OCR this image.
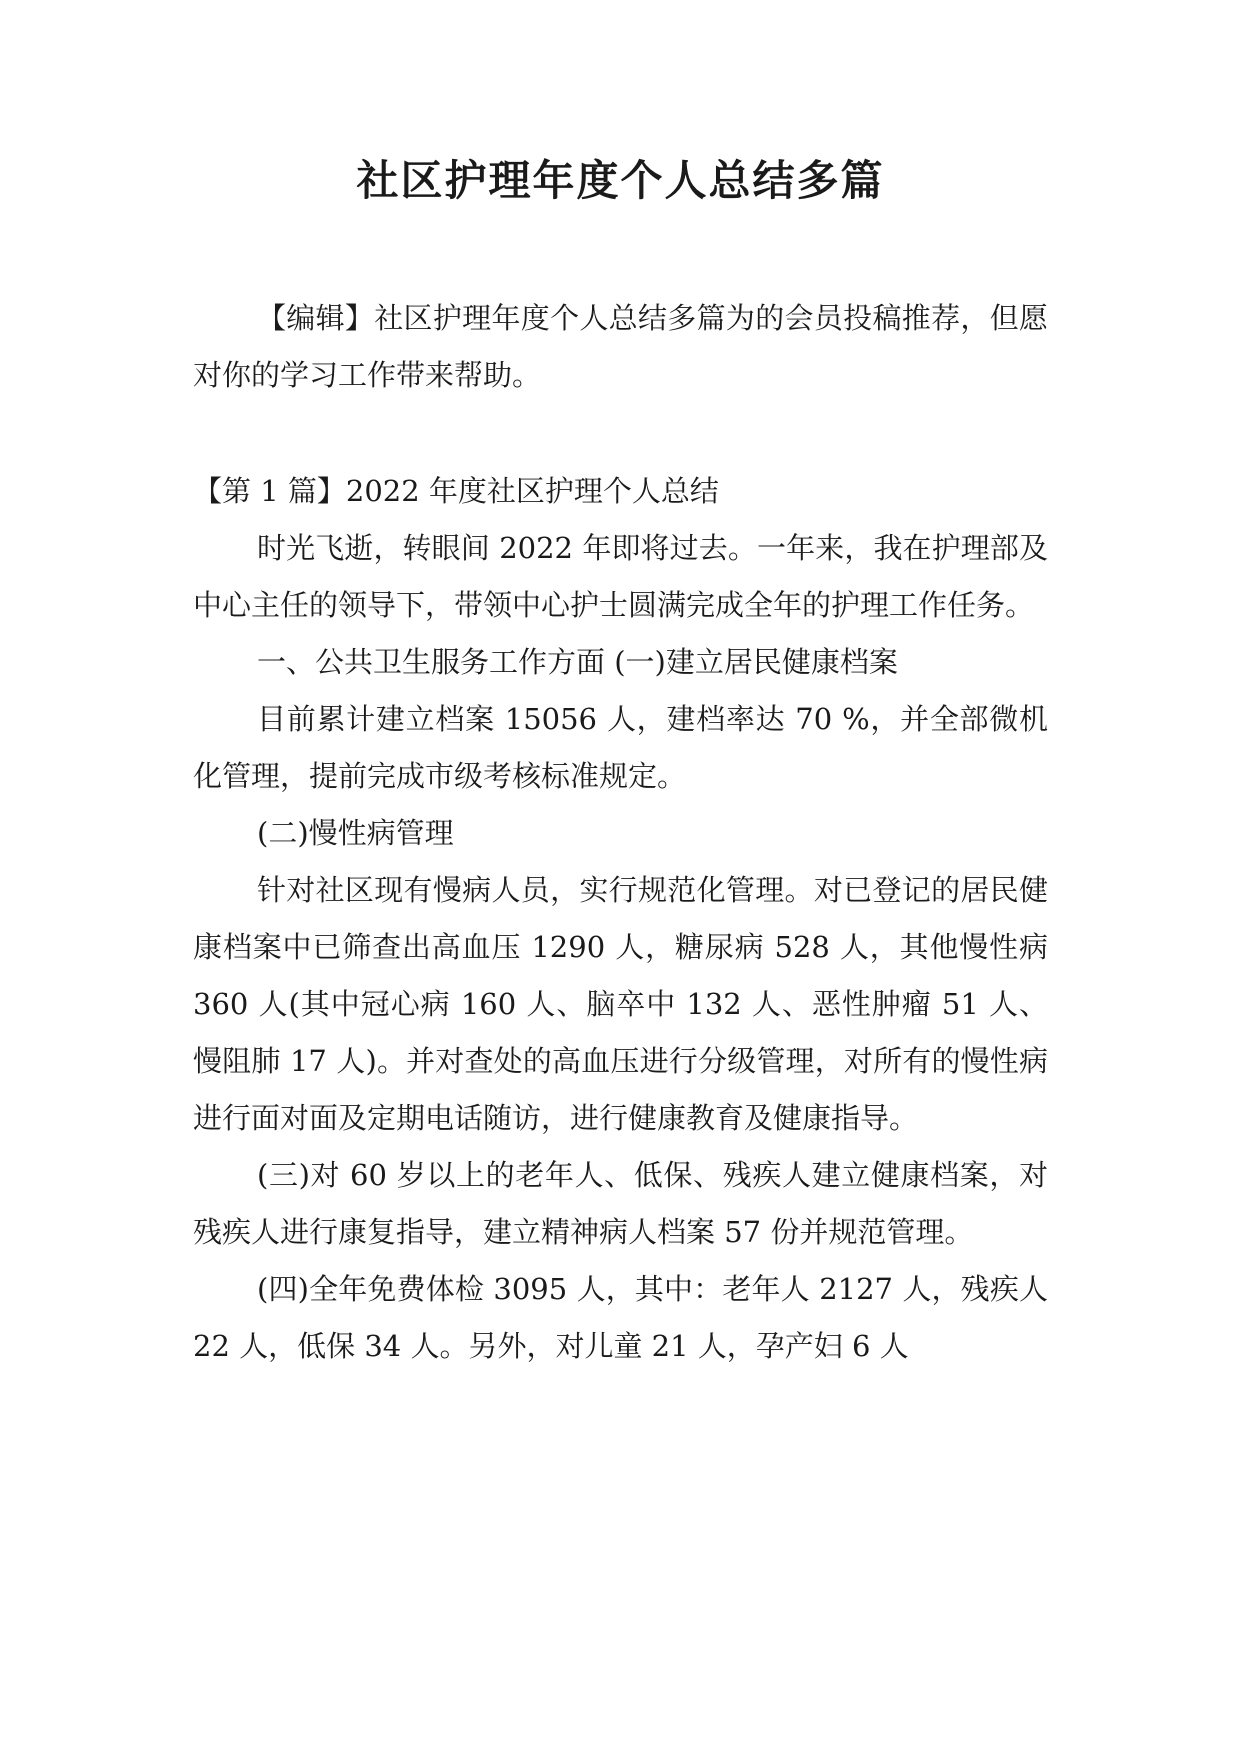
社区护理年度个人总结多篇

【编辑】社区护理年度个人总结多篇为的会员投稿推荐，但愿对你的学习工作带来帮助。

【第 1 篇】2022 年度社区护理个人总结

时光飞逝，转眼间 2022 年即将过去。一年来，我在护理部及中心主任的领导下，带领中心护士圆满完成全年的护理工作任务。

一、公共卫生服务工作方面 (一)建立居民健康档案

目前累计建立档案 15056 人，建档率达 70 %，并全部微机化管理，提前完成市级考核标准规定。

(二)慢性病管理

针对社区现有慢病人员，实行规范化管理。对已登记的居民健康档案中已筛查出高血压 1290 人，糖尿病 528 人，其他慢性病 360 人(其中冠心病 160 人、脑卒中 132 人、恶性肿瘤 51 人、慢阻肺 17 人)。并对查处的高血压进行分级管理，对所有的慢性病进行面对面及定期电话随访，进行健康教育及健康指导。

(三)对 60 岁以上的老年人、低保、残疾人建立健康档案，对残疾人进行康复指导，建立精神病人档案 57 份并规范管理。

(四)全年免费体检 3095 人，其中：老年人 2127 人，残疾人 22 人，低保 34 人。另外，对儿童 21 人，孕产妇 6 人
